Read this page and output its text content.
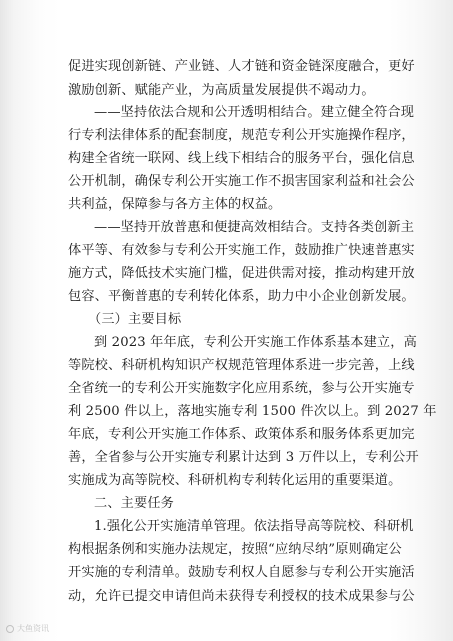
促进实现创新链、产业链、人才链和资金链深度融合，更好
激励创新、赋能产业，为高质量发展提供不竭动力。
——坚持依法合规和公开透明相结合。建立健全符合现
行专利法律体系的配套制度，规范专利公开实施操作程序，
构建全省统一联网、线上线下相结合的服务平台，强化信息
公开机制，确保专利公开实施工作不损害国家利益和社会公
共利益，保障参与各方主体的权益。
——坚持开放普惠和便捷高效相结合。支持各类创新主
体平等、有效参与专利公开实施工作，鼓励推广快速普惠实
施方式，降低技术实施门槛，促进供需对接，推动构建开放
包容、平衡普惠的专利转化体系，助力中小企业创新发展。
（三）主要目标
到 2023 年年底，专利公开实施工作体系基本建立，高
等院校、科研机构知识产权规范管理体系进一步完善，上线
全省统一的专利公开实施数字化应用系统，参与公开实施专
利 2500 件以上，落地实施专利 1500 件次以上。到 2027 年
年底，专利公开实施工作体系、政策体系和服务体系更加完
善，全省参与公开实施专利累计达到 3 万件以上，专利公开
实施成为高等院校、科研机构专利转化运用的重要渠道。
二、主要任务
1.强化公开实施清单管理。依法指导高等院校、科研机
构根据条例和实施办法规定，按照“应纳尽纳”原则确定公
开实施的专利清单。鼓励专利权人自愿参与专利公开实施活
动，允许已提交申请但尚未获得专利授权的技术成果参与公
大鱼资讯
